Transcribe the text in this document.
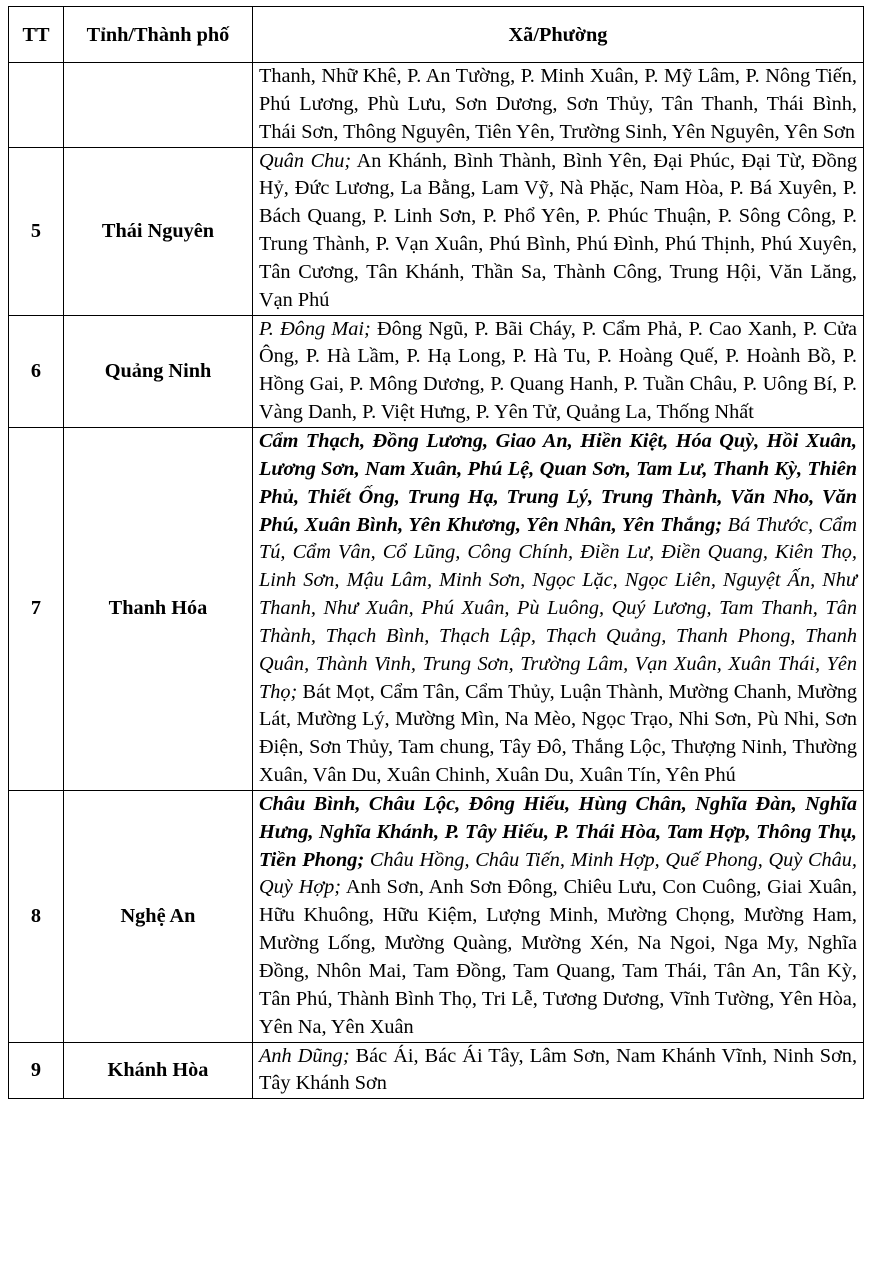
TT	Tỉnh/Thành phố	Xã/Phường
		Thanh, Nhữ Khê, P. An Tường, P. Minh Xuân, P. Mỹ Lâm, P. Nông Tiến, Phú Lương, Phù Lưu, Sơn Dương, Sơn Thủy, Tân Thanh, Thái Bình, Thái Sơn, Thông Nguyên, Tiên Yên, Trường Sinh, Yên Nguyên, Yên Sơn
5	Thái Nguyên	Quân Chu; An Khánh, Bình Thành, Bình Yên, Đại Phúc, Đại Từ, Đồng Hỷ, Đức Lương, La Bằng, Lam Vỹ, Nà Phặc, Nam Hòa, P. Bá Xuyên, P. Bách Quang, P. Linh Sơn, P. Phổ Yên, P. Phúc Thuận, P. Sông Công, P. Trung Thành, P. Vạn Xuân, Phú Bình, Phú Đình, Phú Thịnh, Phú Xuyên, Tân Cương, Tân Khánh, Thần Sa, Thành Công, Trung Hội, Văn Lăng, Vạn Phú
6	Quảng Ninh	P. Đông Mai; Đông Ngũ, P. Bãi Cháy, P. Cẩm Phả, P. Cao Xanh, P. Cửa Ông, P. Hà Lầm, P. Hạ Long, P. Hà Tu, P. Hoàng Quế, P. Hoành Bồ, P. Hồng Gai, P. Mông Dương, P. Quang Hanh, P. Tuần Châu, P. Uông Bí, P. Vàng Danh, P. Việt Hưng, P. Yên Tử, Quảng La, Thống Nhất
7	Thanh Hóa	Cẩm Thạch, Đồng Lương, Giao An, Hiền Kiệt, Hóa Quỳ, Hồi Xuân, Lương Sơn, Nam Xuân, Phú Lệ, Quan Sơn, Tam Lư, Thanh Kỳ, Thiên Phủ, Thiết Ống, Trung Hạ, Trung Lý, Trung Thành, Văn Nho, Văn Phú, Xuân Bình, Yên Khương, Yên Nhân, Yên Thắng; Bá Thước, Cẩm Tú, Cẩm Vân, Cổ Lũng, Công Chính, Điền Lư, Điền Quang, Kiên Thọ, Linh Sơn, Mậu Lâm, Minh Sơn, Ngọc Lặc, Ngọc Liên, Nguyệt Ấn, Như Thanh, Như Xuân, Phú Xuân, Pù Luông, Quý Lương, Tam Thanh, Tân Thành, Thạch Bình, Thạch Lập, Thạch Quảng, Thanh Phong, Thanh Quân, Thành Vinh, Trung Sơn, Trường Lâm, Vạn Xuân, Xuân Thái, Yên Thọ; Bát Mọt, Cẩm Tân, Cẩm Thủy, Luận Thành, Mường Chanh, Mường Lát, Mường Lý, Mường Mìn, Na Mèo, Ngọc Trạo, Nhi Sơn, Pù Nhi, Sơn Điện, Sơn Thủy, Tam chung, Tây Đô, Thắng Lộc, Thượng Ninh, Thường Xuân, Vân Du, Xuân Chinh, Xuân Du, Xuân Tín, Yên Phú
8	Nghệ An	Châu Bình, Châu Lộc, Đông Hiếu, Hùng Chân, Nghĩa Đàn, Nghĩa Hưng, Nghĩa Khánh, P. Tây Hiếu, P. Thái Hòa, Tam Hợp, Thông Thụ, Tiền Phong; Châu Hồng, Châu Tiến, Minh Hợp, Quế Phong, Quỳ Châu, Quỳ Hợp; Anh Sơn, Anh Sơn Đông, Chiêu Lưu, Con Cuông, Giai Xuân, Hữu Khuông, Hữu Kiệm, Lượng Minh, Mường Chọng, Mường Ham, Mường Lống, Mường Quàng, Mường Xén, Na Ngoi, Nga My, Nghĩa Đồng, Nhôn Mai, Tam Đồng, Tam Quang, Tam Thái, Tân An, Tân Kỳ, Tân Phú, Thành Bình Thọ, Tri Lễ, Tương Dương, Vĩnh Tường, Yên Hòa, Yên Na, Yên Xuân
9	Khánh Hòa	Anh Dũng; Bác Ái, Bác Ái Tây, Lâm Sơn, Nam Khánh Vĩnh, Ninh Sơn, Tây Khánh Sơn
